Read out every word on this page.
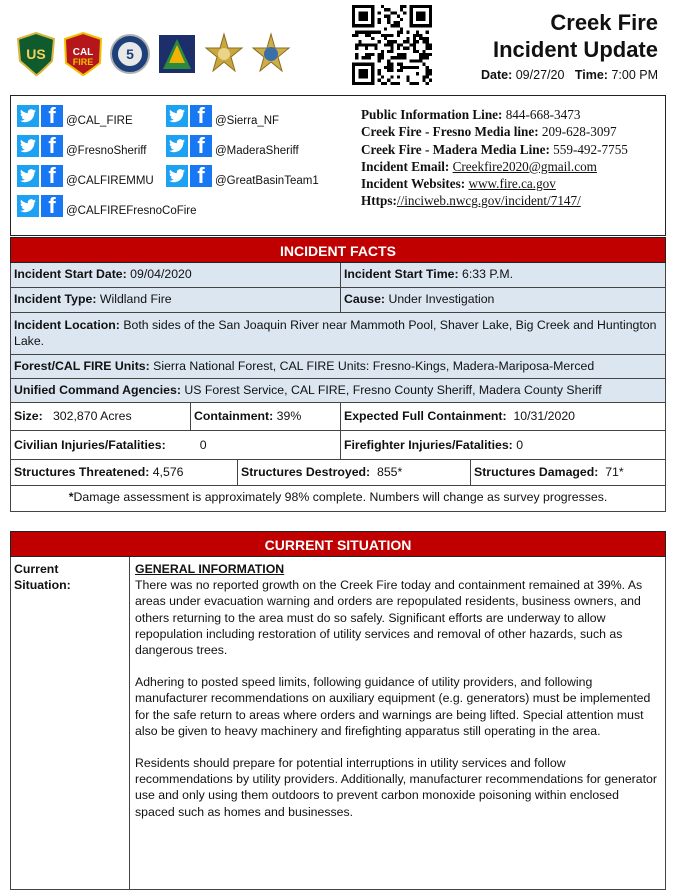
US	CAL
FIRE 5
Creek Fire
Incident Update
Date: 09/27/20 Time: 7:00 PM
f @CAL_FIRE
f @FresnoSheriff
f @CALFIREMMU
f @CALFIREFresnoCoFire
f @Sierra_NF
f @MaderaSheriff
f @GreatBasinTeam1
Public Information Line: 844-668-3473
Creek Fire - Fresno Media line: 209-628-3097
Creek Fire - Madera Media Line: 559-492-7755
Incident Email: Creekfire2020@gmail.com
Incident Websites: www.fire.ca.gov
Https://inciweb.nwcg.gov/incident/7147/
INCIDENT FACTS
Incident Start Date: 09/04/2020	Incident Start Time: 6:33 P.M.
Incident Type: Wildland Fire	Cause: Under Investigation
Incident Location: Both sides of the San Joaquin River near Mammoth Pool, Shaver Lake, Big Creek and Huntington Lake.
Forest/CAL FIRE Units: Sierra National Forest, CAL FIRE Units: Fresno-Kings, Madera-Mariposa-Merced
Unified Command Agencies: US Forest Service, CAL FIRE, Fresno County Sheriff, Madera County Sheriff
Size: 302,870 Acres	Containment: 39%	Expected Full Containment: 10/31/2020
Civilian Injuries/Fatalities:	0	Firefighter Injuries/Fatalities: 0
Structures Threatened: 4,576	Structures Destroyed: 855*	Structures Damaged: 71*
*Damage assessment is approximately 98% complete. Numbers will change as survey progresses.
CURRENT SITUATION
Current
Situation:
GENERAL INFORMATION

There was no reported growth on the Creek Fire today and containment remained at 39%. As areas under evacuation warning and orders are repopulated residents, business owners, and others returning to the area must do so safely. Significant efforts are underway to allow repopulation including restoration of utility services and removal of other hazards, such as dangerous trees.

Adhering to posted speed limits, following guidance of utility providers, and following manufacturer recommendations on auxiliary equipment (e.g. generators) must be implemented for the safe return to areas where orders and warnings are being lifted. Special attention must also be given to heavy machinery and firefighting apparatus still operating in the area.

Residents should prepare for potential interruptions in utility services and follow recommendations by utility providers. Additionally, manufacturer recommendations for generator use and only using them outdoors to prevent carbon monoxide poisoning within enclosed spaced such as homes and businesses.
